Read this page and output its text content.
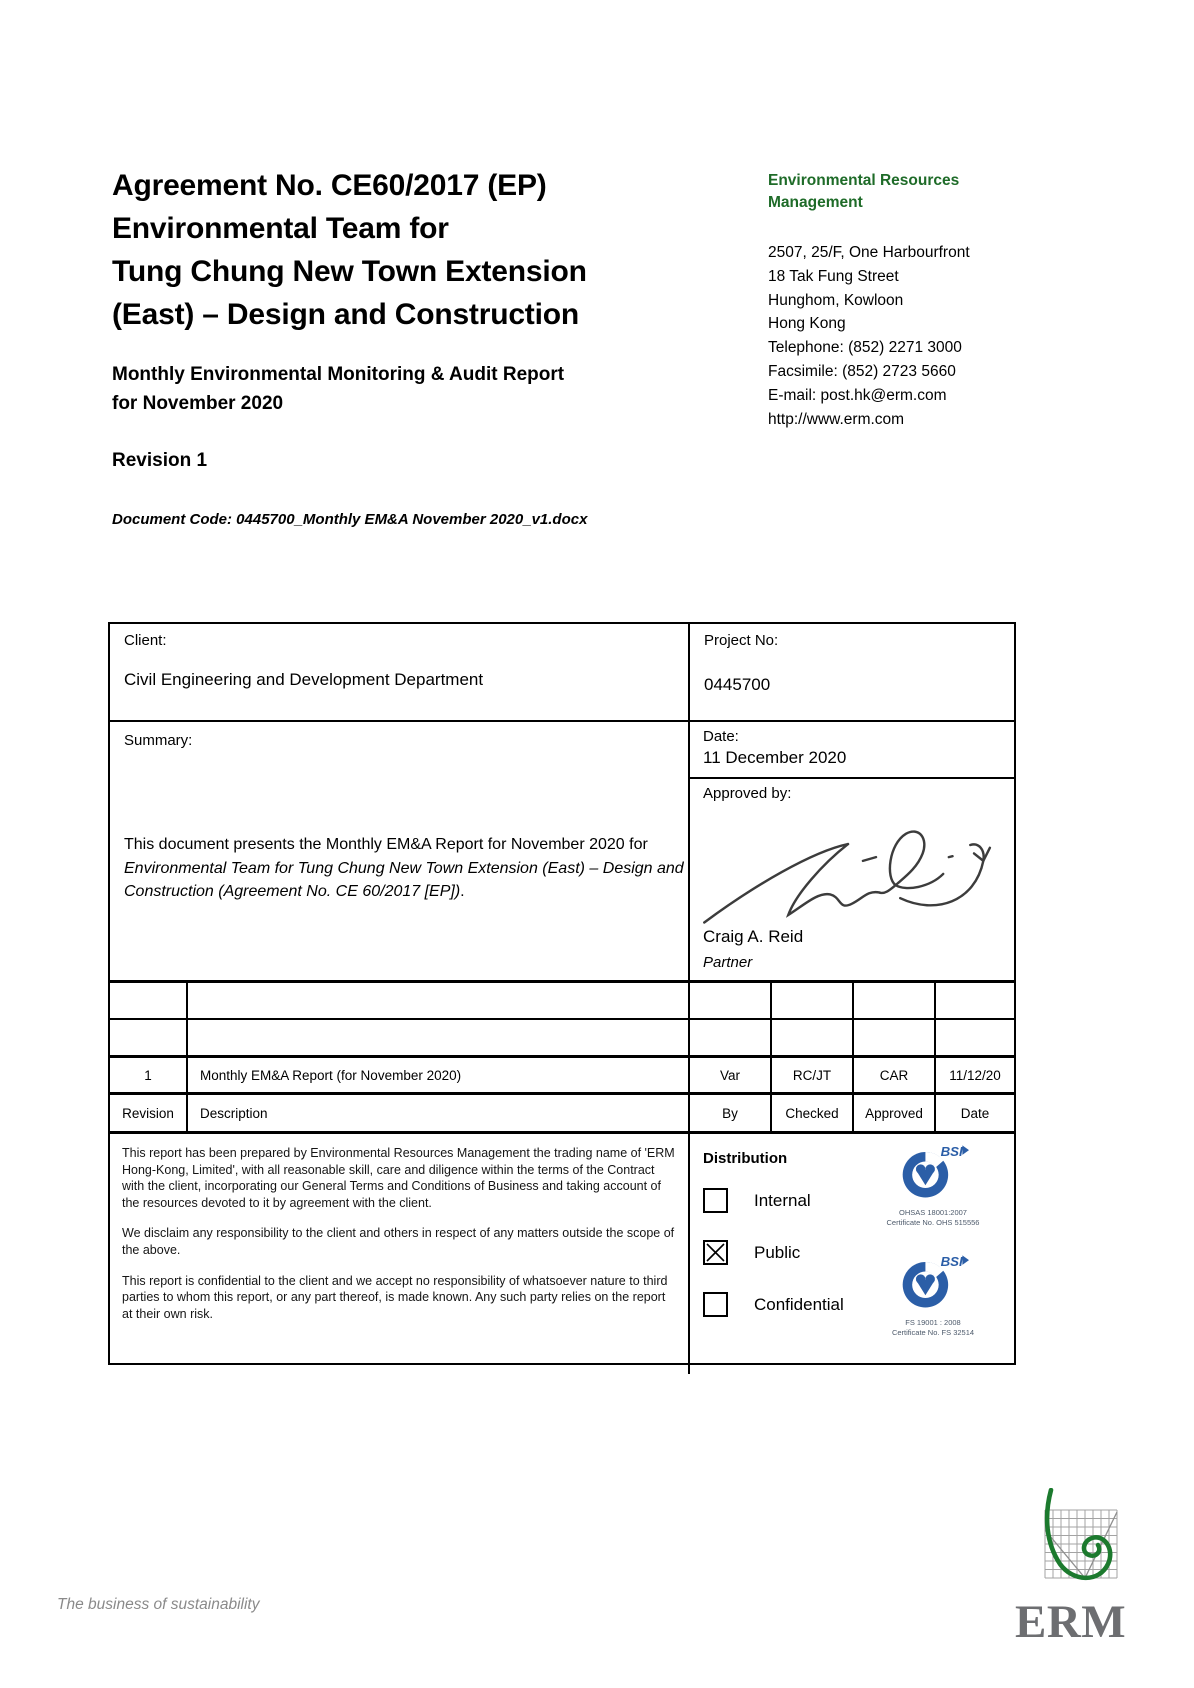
Agreement No. CE60/2017 (EP)
Environmental Team for
Tung Chung New Town Extension
(East) – Design and Construction
Monthly Environmental Monitoring & Audit Report
for November 2020
Revision 1
Document Code: 0445700_Monthly EM&A November 2020_v1.docx
Environmental Resources
Management
2507, 25/F, One Harbourfront
18 Tak Fung Street
Hunghom, Kowloon
Hong Kong
Telephone: (852) 2271 3000
Facsimile: (852) 2723 5660
E-mail: post.hk@erm.com
http://www.erm.com
Client:
Civil Engineering and Development Department
Project No:
0445700
Summary:
This document presents the Monthly EM&A Report for November 2020 for Environmental Team for Tung Chung New Town Extension (East) – Design and Construction (Agreement No. CE 60/2017 [EP]).
Date:
11 December 2020
Approved by:
Craig A. Reid
Partner
1	Monthly EM&A Report (for November 2020)	Var	RC/JT	CAR	11/12/20
Revision	Description	By	Checked	Approved	Date

This report has been prepared by Environmental Resources Management the trading name of 'ERM Hong-Kong, Limited', with all reasonable skill, care and diligence within the terms of the Contract with the client, incorporating our General Terms and Conditions of Business and taking account of the resources devoted to it by agreement with the client.

We disclaim any responsibility to the client and others in respect of any matters outside the scope of the above.

This report is confidential to the client and we accept no responsibility of whatsoever nature to third parties to whom this report, or any part thereof, is made known. Any such party relies on the report at their own risk.

Distribution
Internal
Public
Confidential
BSI
OHSAS 18001:2007
Certificate No. OHS 515556
BSI
FS 19001 : 2008
Certificate No. FS 32514
The business of sustainability	ERM
